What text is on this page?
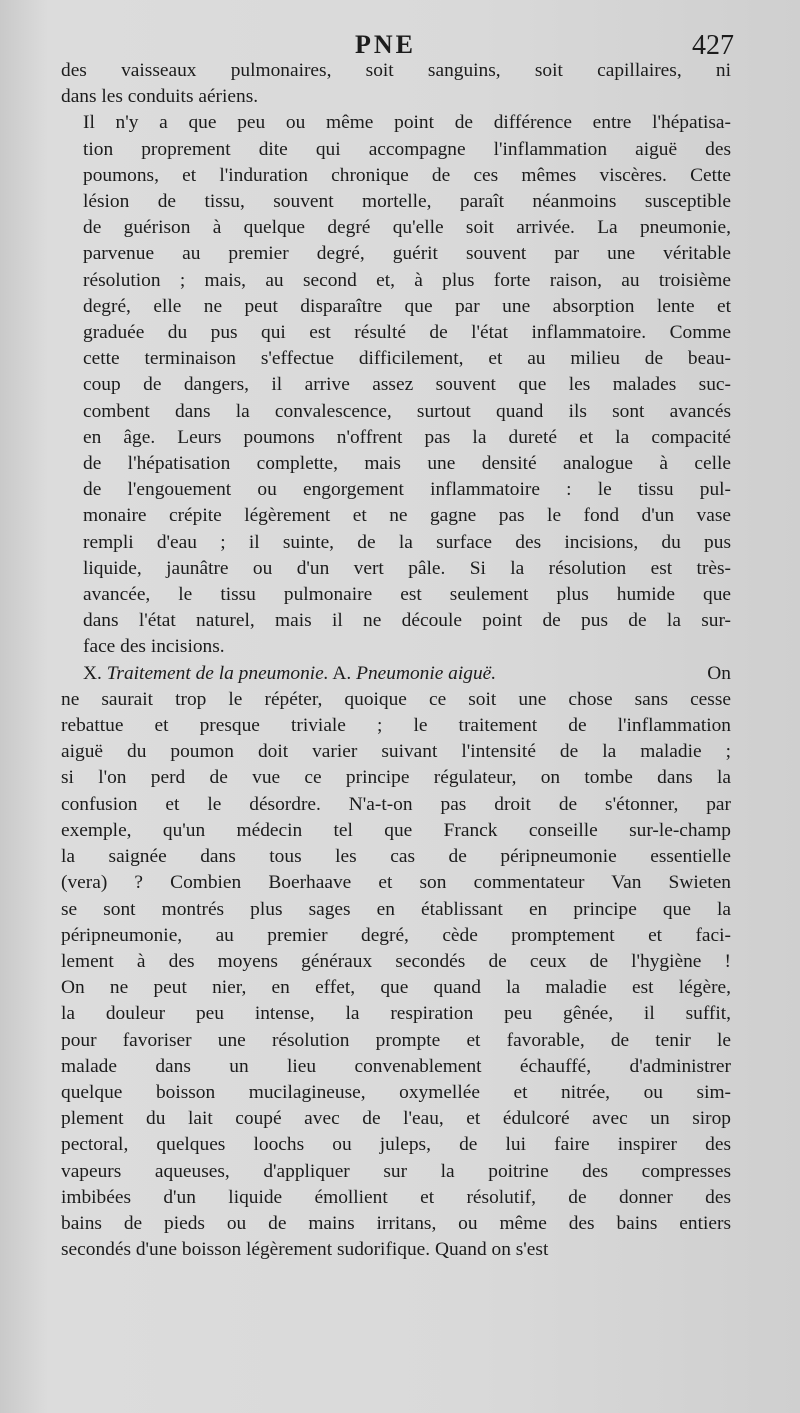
PNE	427

des vaisseaux pulmonaires, soit sanguins, soit capillaires, ni
dans les conduits aériens.

Il n'y a que peu ou même point de différence entre l'hépatisa-
tion proprement dite qui accompagne l'inflammation aiguë des
poumons, et l'induration chronique de ces mêmes viscères. Cette
lésion de tissu, souvent mortelle, paraît néanmoins susceptible
de guérison à quelque degré qu'elle soit arrivée. La pneumonie,
parvenue au premier degré, guérit souvent par une véritable
résolution ; mais, au second et, à plus forte raison, au troisième
degré, elle ne peut disparaître que par une absorption lente et
graduée du pus qui est résulté de l'état inflammatoire. Comme
cette terminaison s'effectue difficilement, et au milieu de beau-
coup de dangers, il arrive assez souvent que les malades suc-
combent dans la convalescence, surtout quand ils sont avancés
en âge. Leurs poumons n'offrent pas la dureté et la compacité
de l'hépatisation complette, mais une densité analogue à celle
de l'engouement ou engorgement inflammatoire : le tissu pul-
monaire crépite légèrement et ne gagne pas le fond d'un vase
rempli d'eau ; il suinte, de la surface des incisions, du pus
liquide, jaunâtre ou d'un vert pâle. Si la résolution est très-
avancée, le tissu pulmonaire est seulement plus humide que
dans l'état naturel, mais il ne découle point de pus de la sur-
face des incisions.

X. Traitement de la pneumonie. A. Pneumonie aiguë.	On
ne saurait trop le répéter, quoique ce soit une chose sans cesse
rebattue et presque triviale ; le traitement de l'inflammation
aiguë du poumon doit varier suivant l'intensité de la maladie ;
si l'on perd de vue ce principe régulateur, on tombe dans la
confusion et le désordre. N'a-t-on pas droit de s'étonner, par
exemple, qu'un médecin tel que Franck conseille sur-le-champ
la saignée dans tous les cas de péripneumonie essentielle
(vera) ? Combien Boerhaave et son commentateur Van Swieten
se sont montrés plus sages en établissant en principe que la
péripneumonie, au premier degré, cède promptement et faci-
lement à des moyens généraux secondés de ceux de l'hygiène !
On ne peut nier, en effet, que quand la maladie est légère,
la douleur peu intense, la respiration peu gênée, il suffit,
pour favoriser une résolution prompte et favorable, de tenir le
malade dans un lieu convenablement échauffé, d'administrer
quelque boisson mucilagineuse, oxymellée et nitrée, ou sim-
plement du lait coupé avec de l'eau, et édulcoré avec un sirop
pectoral, quelques loochs ou juleps, de lui faire inspirer des
vapeurs aqueuses, d'appliquer sur la poitrine des compresses
imbibées d'un liquide émollient et résolutif, de donner des
bains de pieds ou de mains irritans, ou même des bains entiers
secondés d'une boisson légèrement sudorifique. Quand on s'est
